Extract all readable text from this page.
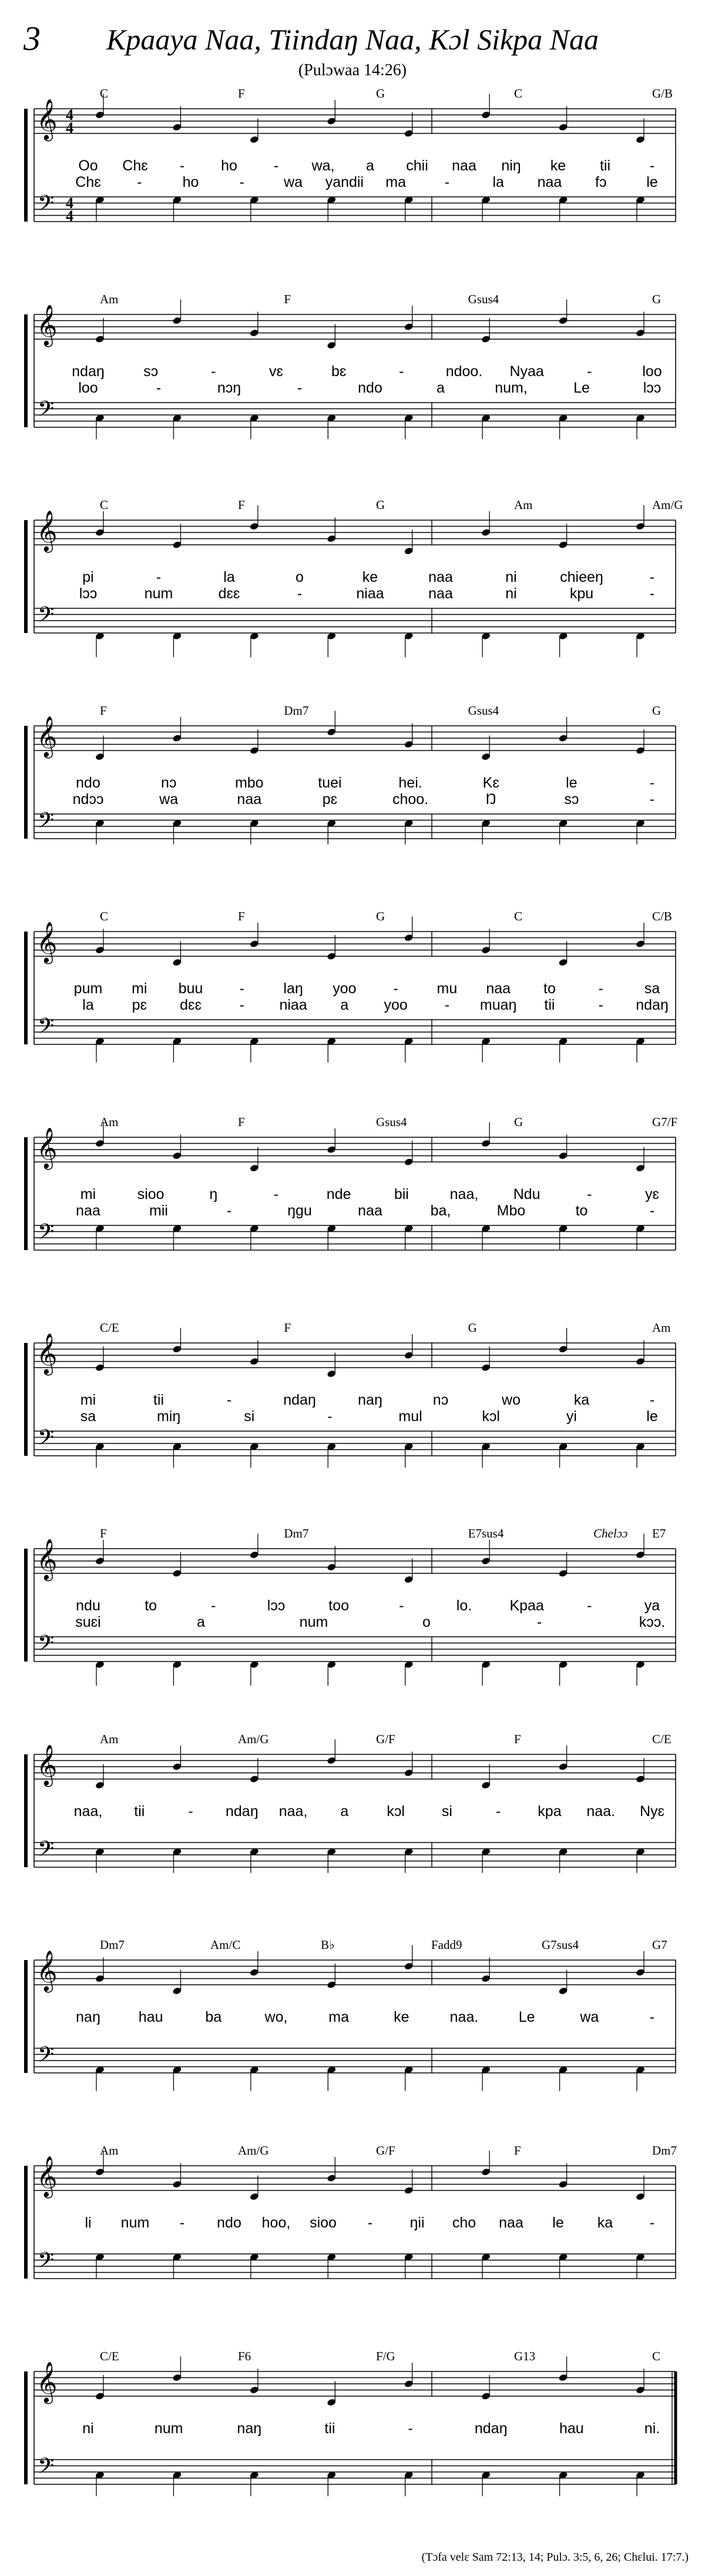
3	Kpaaya Naa, Tiindaŋ Naa, Kɔl Sikpa Naa
(Pulɔwaa 14:26)
C	F	G	C	G/B
𝄞
𝄢
4
4
4
4
Oo Chɛ - ho - wa, a chii naa niŋ ke tii	-
Chɛ -	ho	-	wa yandii ma	-	la naa fɔ	le
Am	F	Gsus4	G
𝄞
𝄢
ndaŋ	sɔ	-	vɛ	bɛ	-	ndoo. Nyaa	-	loo
loo	-	nɔŋ	-	ndo	a	num,	Le	lɔɔ
C	F	G	Am	Am/G
𝄞
𝄢
pi	-	la	o	ke	naa	ni	chieeŋ	-
lɔɔ	num	dɛɛ	-	niaa	naa	ni	kpu	-
F	Dm7	Gsus4	G
𝄞
𝄢
ndo	nɔ	mbo	tuei	hei.	Kɛ	le	-
ndɔɔ	wa	naa	pɛ	choo.	Ŋ	sɔ	-
C	F	G	C	C/B
𝄞
𝄢
pum mi buu -	laŋ yoo	-	mu naa to	-	sa
la	pɛ dɛɛ	- niaa a yoo	- muaŋ tii	- ndaŋ
Am	F	Gsus4	G	G7/F
𝄞
𝄢
mi	sioo	ŋ	-	nde	bii	naa, Ndu	-	yɛ
naa	mii	-	ŋgu	naa	ba,	Mbo	to	-
C/E	F	G	Am
𝄞
𝄢
mi	tii	-	ndaŋ	naŋ	nɔ	wo	ka	-
sa	miŋ	si	-	mul	kɔl	yi	le
F	Dm7	E7sus4	E7
Chelɔɔ
𝄞
𝄢
ndu	to	-	lɔɔ	too	-	lo.	Kpaa	-	ya
suɛi	a	num	o	-	kɔɔ.
Am	Am/G	G/F	F	C/E
𝄞
𝄢
naa, tii	- ndaŋ naa, a	kɔl	si	-	kpa naa. Nyɛ
Dm7	Am/C	B♭	Fadd9	G7sus4	G7
𝄞
𝄢
naŋ	hau	ba	wo,	ma	ke	naa.	Le	wa	-
Am	Am/G	G/F	F	Dm7
𝄞
𝄢
li num - ndo hoo, sioo -	ŋii cho naa le ka	-
C/E	F6	F/G	G13	C
𝄞
𝄢
ni	num	naŋ	tii	-	ndaŋ	hau	ni.
(Tɔfa velɛ Sam 72:13, 14; Pulɔ. 3:5, 6, 26; Chɛlui. 17:7.)
